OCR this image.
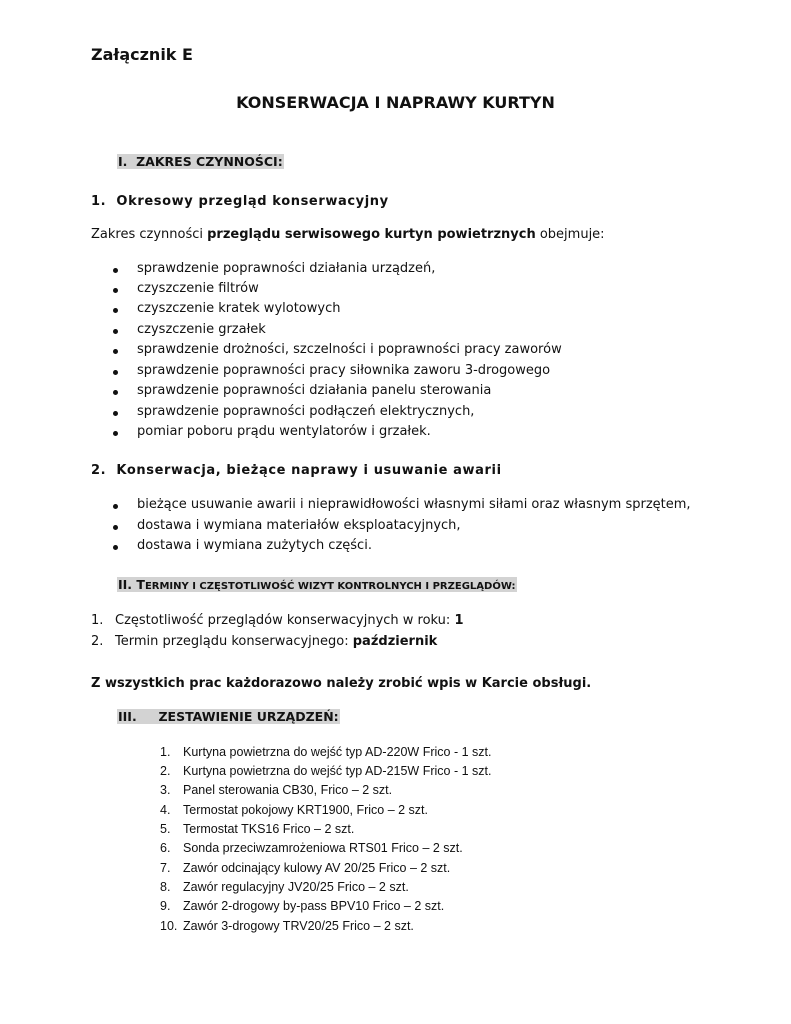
Załącznik E
KONSERWACJA I NAPRAWY KURTYN
I.  ZAKRES CZYNNOŚCI:
1.  Okresowy przegląd konserwacyjny
Zakres czynności przeglądu serwisowego kurtyn powietrznych obejmuje:
sprawdzenie poprawności działania urządzeń,
czyszczenie filtrów
czyszczenie kratek wylotowych
czyszczenie grzałek
sprawdzenie drożności, szczelności i poprawności pracy zaworów
sprawdzenie poprawności pracy siłownika zaworu 3-drogowego
sprawdzenie poprawności działania panelu sterowania
sprawdzenie poprawności podłączeń elektrycznych,
pomiar poboru prądu wentylatorów i grzałek.
2.  Konserwacja, bieżące naprawy i usuwanie awarii
bieżące usuwanie awarii i nieprawidłowości własnymi siłami oraz własnym sprzętem,
dostawa i wymiana materiałów eksploatacyjnych,
dostawa i wymiana zużytych części.
II. TERMINY I CZĘSTOTLIWOŚĆ WIZYT KONTROLNYCH I PRZEGLĄDÓW:
1. Częstotliwość przeglądów konserwacyjnych w roku: 1
2. Termin przeglądu konserwacyjnego: październik
Z wszystkich prac każdorazowo należy zrobić wpis w Karcie obsługi.
III.     ZESTAWIENIE URZĄDZEŃ:
1. Kurtyna powietrzna do wejść typ AD-220W Frico - 1 szt.
2. Kurtyna powietrzna do wejść typ AD-215W Frico - 1 szt.
3. Panel sterowania CB30, Frico – 2 szt.
4. Termostat pokojowy KRT1900, Frico – 2 szt.
5. Termostat TKS16 Frico – 2 szt.
6. Sonda przeciwzamrożeniowa RTS01 Frico – 2 szt.
7. Zawór odcinający kulowy AV 20/25 Frico – 2 szt.
8. Zawór regulacyjny JV20/25 Frico – 2 szt.
9. Zawór 2-drogowy by-pass BPV10 Frico – 2 szt.
10. Zawór 3-drogowy TRV20/25 Frico – 2 szt.
